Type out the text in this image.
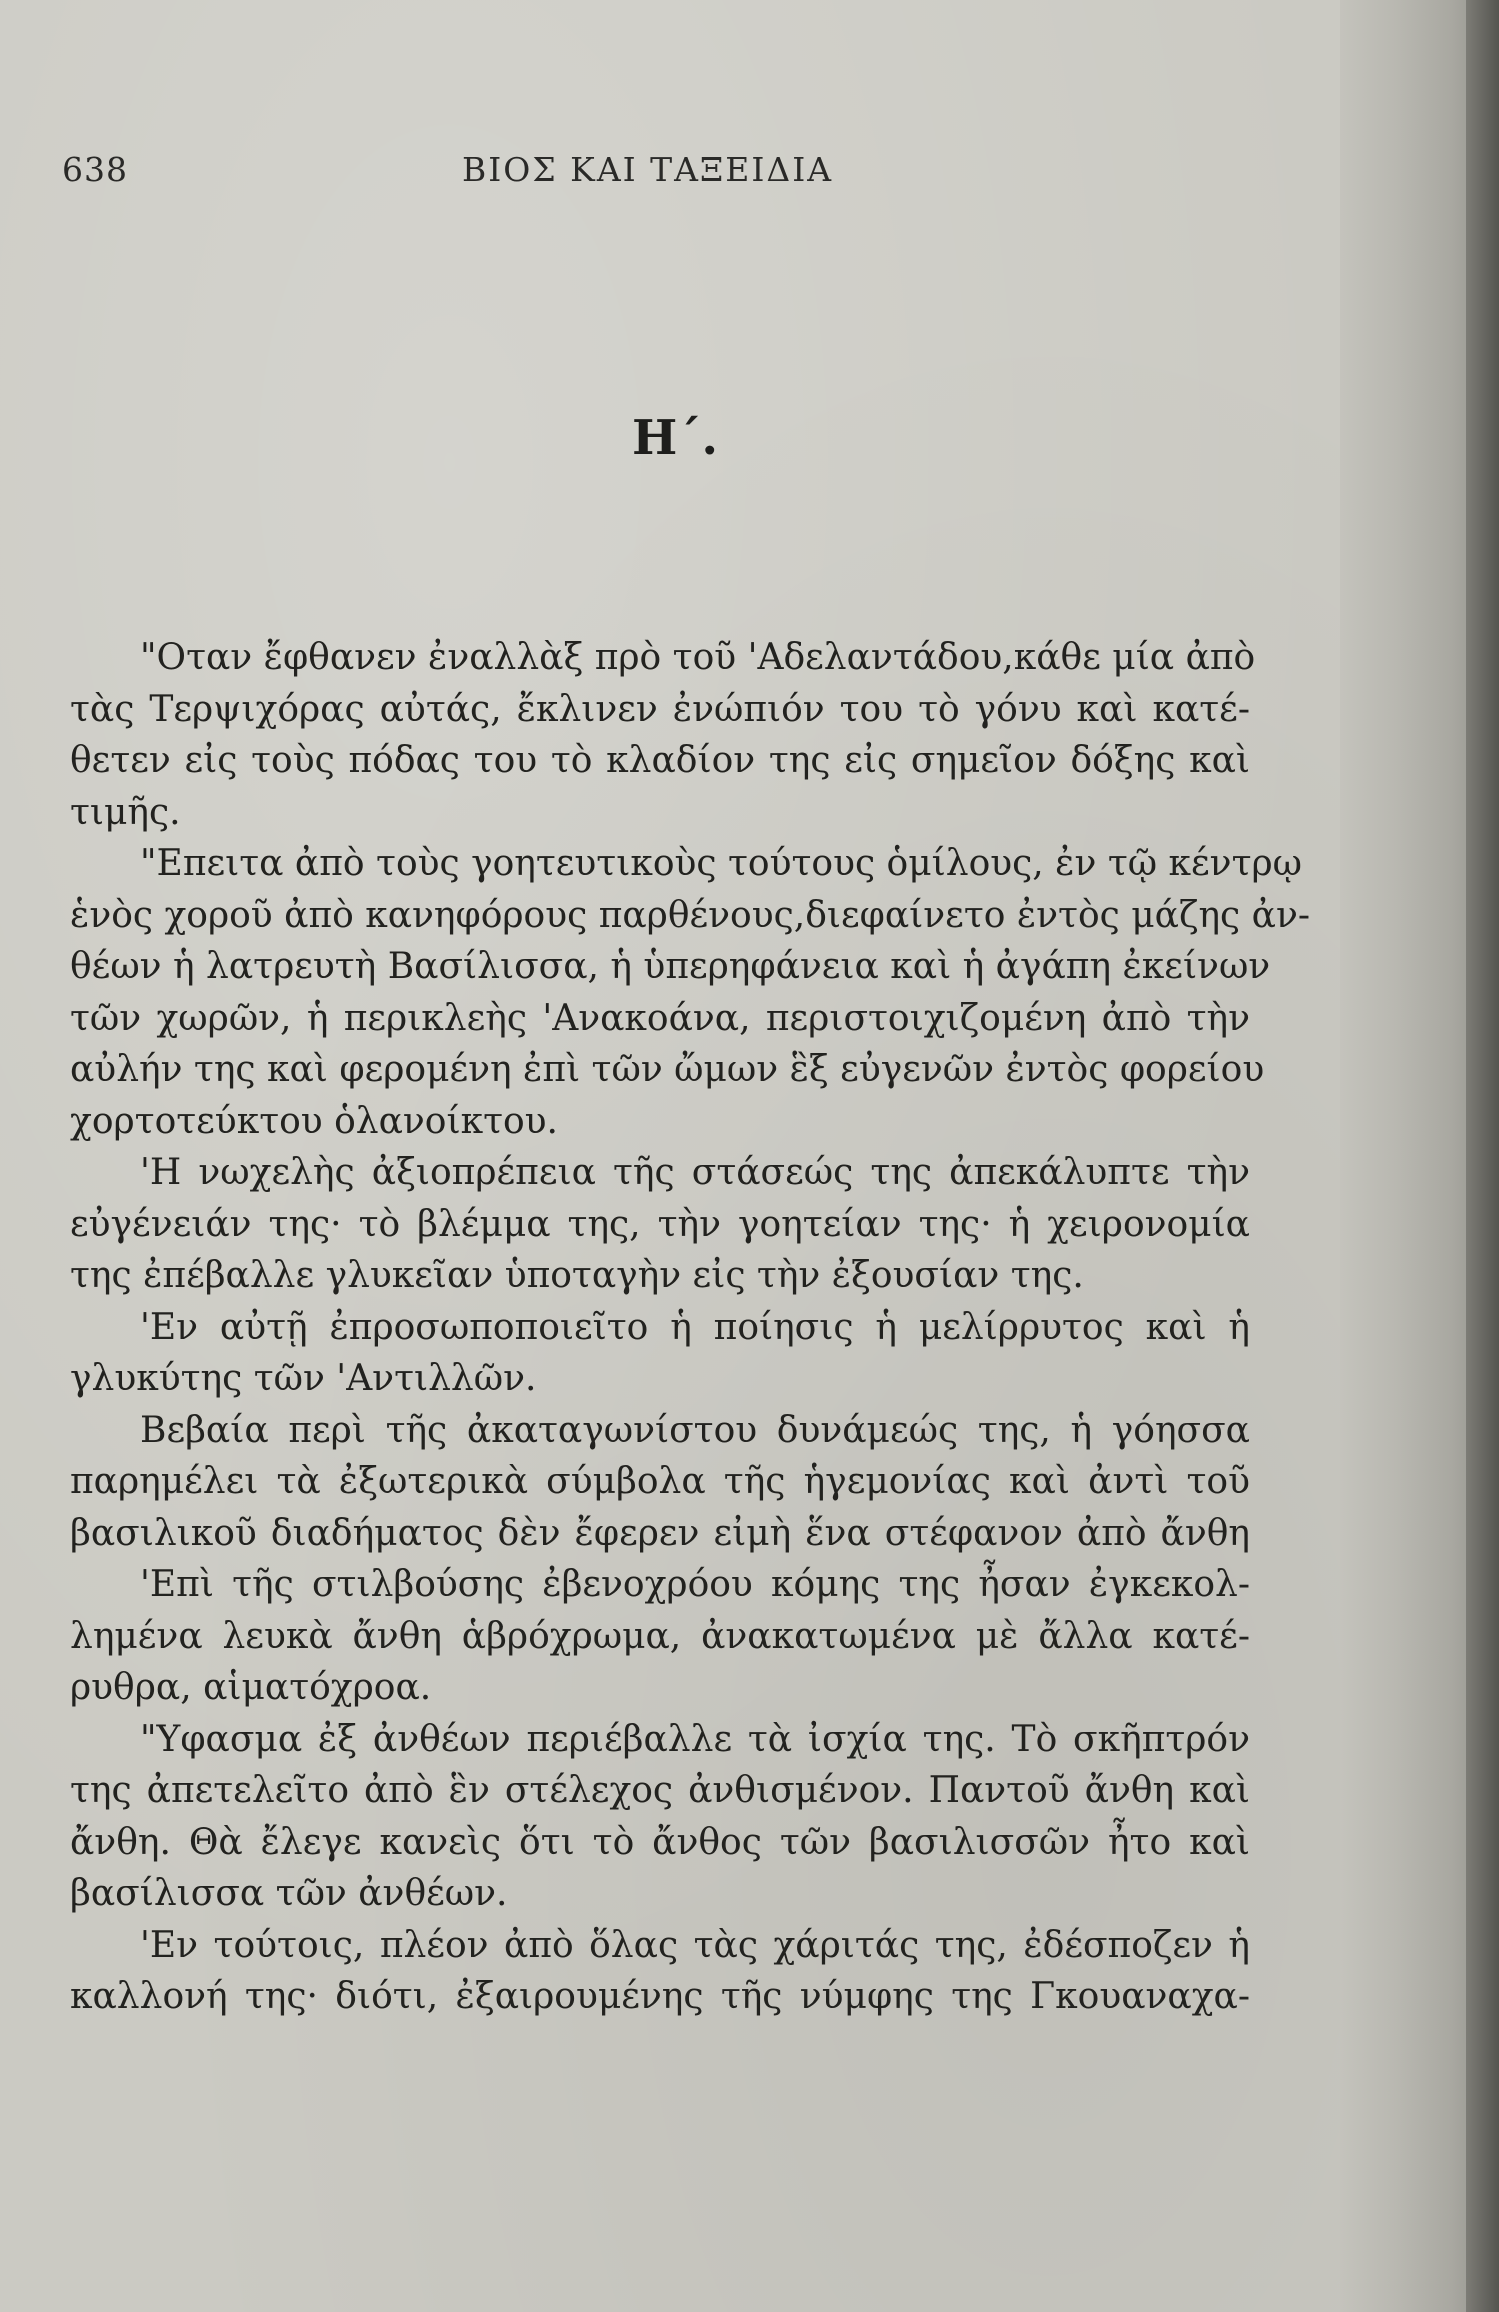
638	ΒΙΟΣ ΚΑΙ ΤΑΞΕΙΔΙΑ
Η΄.
"Οταν ἔφθανεν ἐναλλὰξ πρὸ τοῦ 'Αδελαντάδου,κάθε μία ἀπὸ
τὰς Τερψιχόρας αὐτάς, ἔκλινεν ἐνώπιόν του τὸ γόνυ καὶ κατέ-
θετεν εἰς τοὺς πόδας του τὸ κλαδίον της εἰς σημεῖον δόξης καὶ
τιμῆς.
"Επειτα ἀπὸ τοὺς γοητευτικοὺς τούτους ὁμίλους, ἐν τῷ κέντρῳ
ἑνὸς χοροῦ ἀπὸ κανηφόρους παρθένους,διεφαίνετο ἐντὸς μάζης ἀν-
θέων ἡ λατρευτὴ Βασίλισσα, ἡ ὑπερηφάνεια καὶ ἡ ἀγάπη ἐκείνων
τῶν χωρῶν, ἡ περικλεὴς 'Ανακοάνα, περιστοιχιζομένη ἀπὸ τὴν
αὐλήν της καὶ φερομένη ἐπὶ τῶν ὤμων ἓξ εὐγενῶν ἐντὸς φορείου
χορτοτεύκτου ὁλανοίκτου.
'Η νωχελὴς ἀξιοπρέπεια τῆς στάσεώς της ἀπεκάλυπτε τὴν
εὐγένειάν της· τὸ βλέμμα της, τὴν γοητείαν της· ἡ χειρονομία
της ἐπέβαλλε γλυκεῖαν ὑποταγὴν εἰς τὴν ἐξουσίαν της.
'Εν αὐτῇ ἐπροσωποποιεῖτο ἡ ποίησις ἡ μελίρρυτος καὶ ἡ
γλυκύτης τῶν 'Αντιλλῶν.
Βεβαία περὶ τῆς ἀκαταγωνίστου δυνάμεώς της, ἡ γόησσα
παρημέλει τὰ ἐξωτερικὰ σύμβολα τῆς ἡγεμονίας καὶ ἀντὶ τοῦ
βασιλικοῦ διαδήματος δὲν ἔφερεν εἰμὴ ἕνα στέφανον ἀπὸ ἄνθη
'Επὶ τῆς στιλβούσης ἐβενοχρόου κόμης της ἦσαν ἐγκεκολ-
λημένα λευκὰ ἄνθη ἁβρόχρωμα, ἀνακατωμένα μὲ ἄλλα κατέ-
ρυθρα, αἱματόχροα.
"Υφασμα ἐξ ἀνθέων περιέβαλλε τὰ ἰσχία της. Τὸ σκῆπτρόν
της ἀπετελεῖτο ἀπὸ ἓν στέλεχος ἀνθισμένον. Παντοῦ ἄνθη καὶ
ἄνθη. Θὰ ἔλεγε κανεὶς ὅτι τὸ ἄνθος τῶν βασιλισσῶν ἦτο καὶ
βασίλισσα τῶν ἀνθέων.
'Εν τούτοις, πλέον ἀπὸ ὅλας τὰς χάριτάς της, ἐδέσποζεν ἡ
καλλονή της· διότι, ἐξαιρουμένης τῆς νύμφης της Γκουαναχα-
